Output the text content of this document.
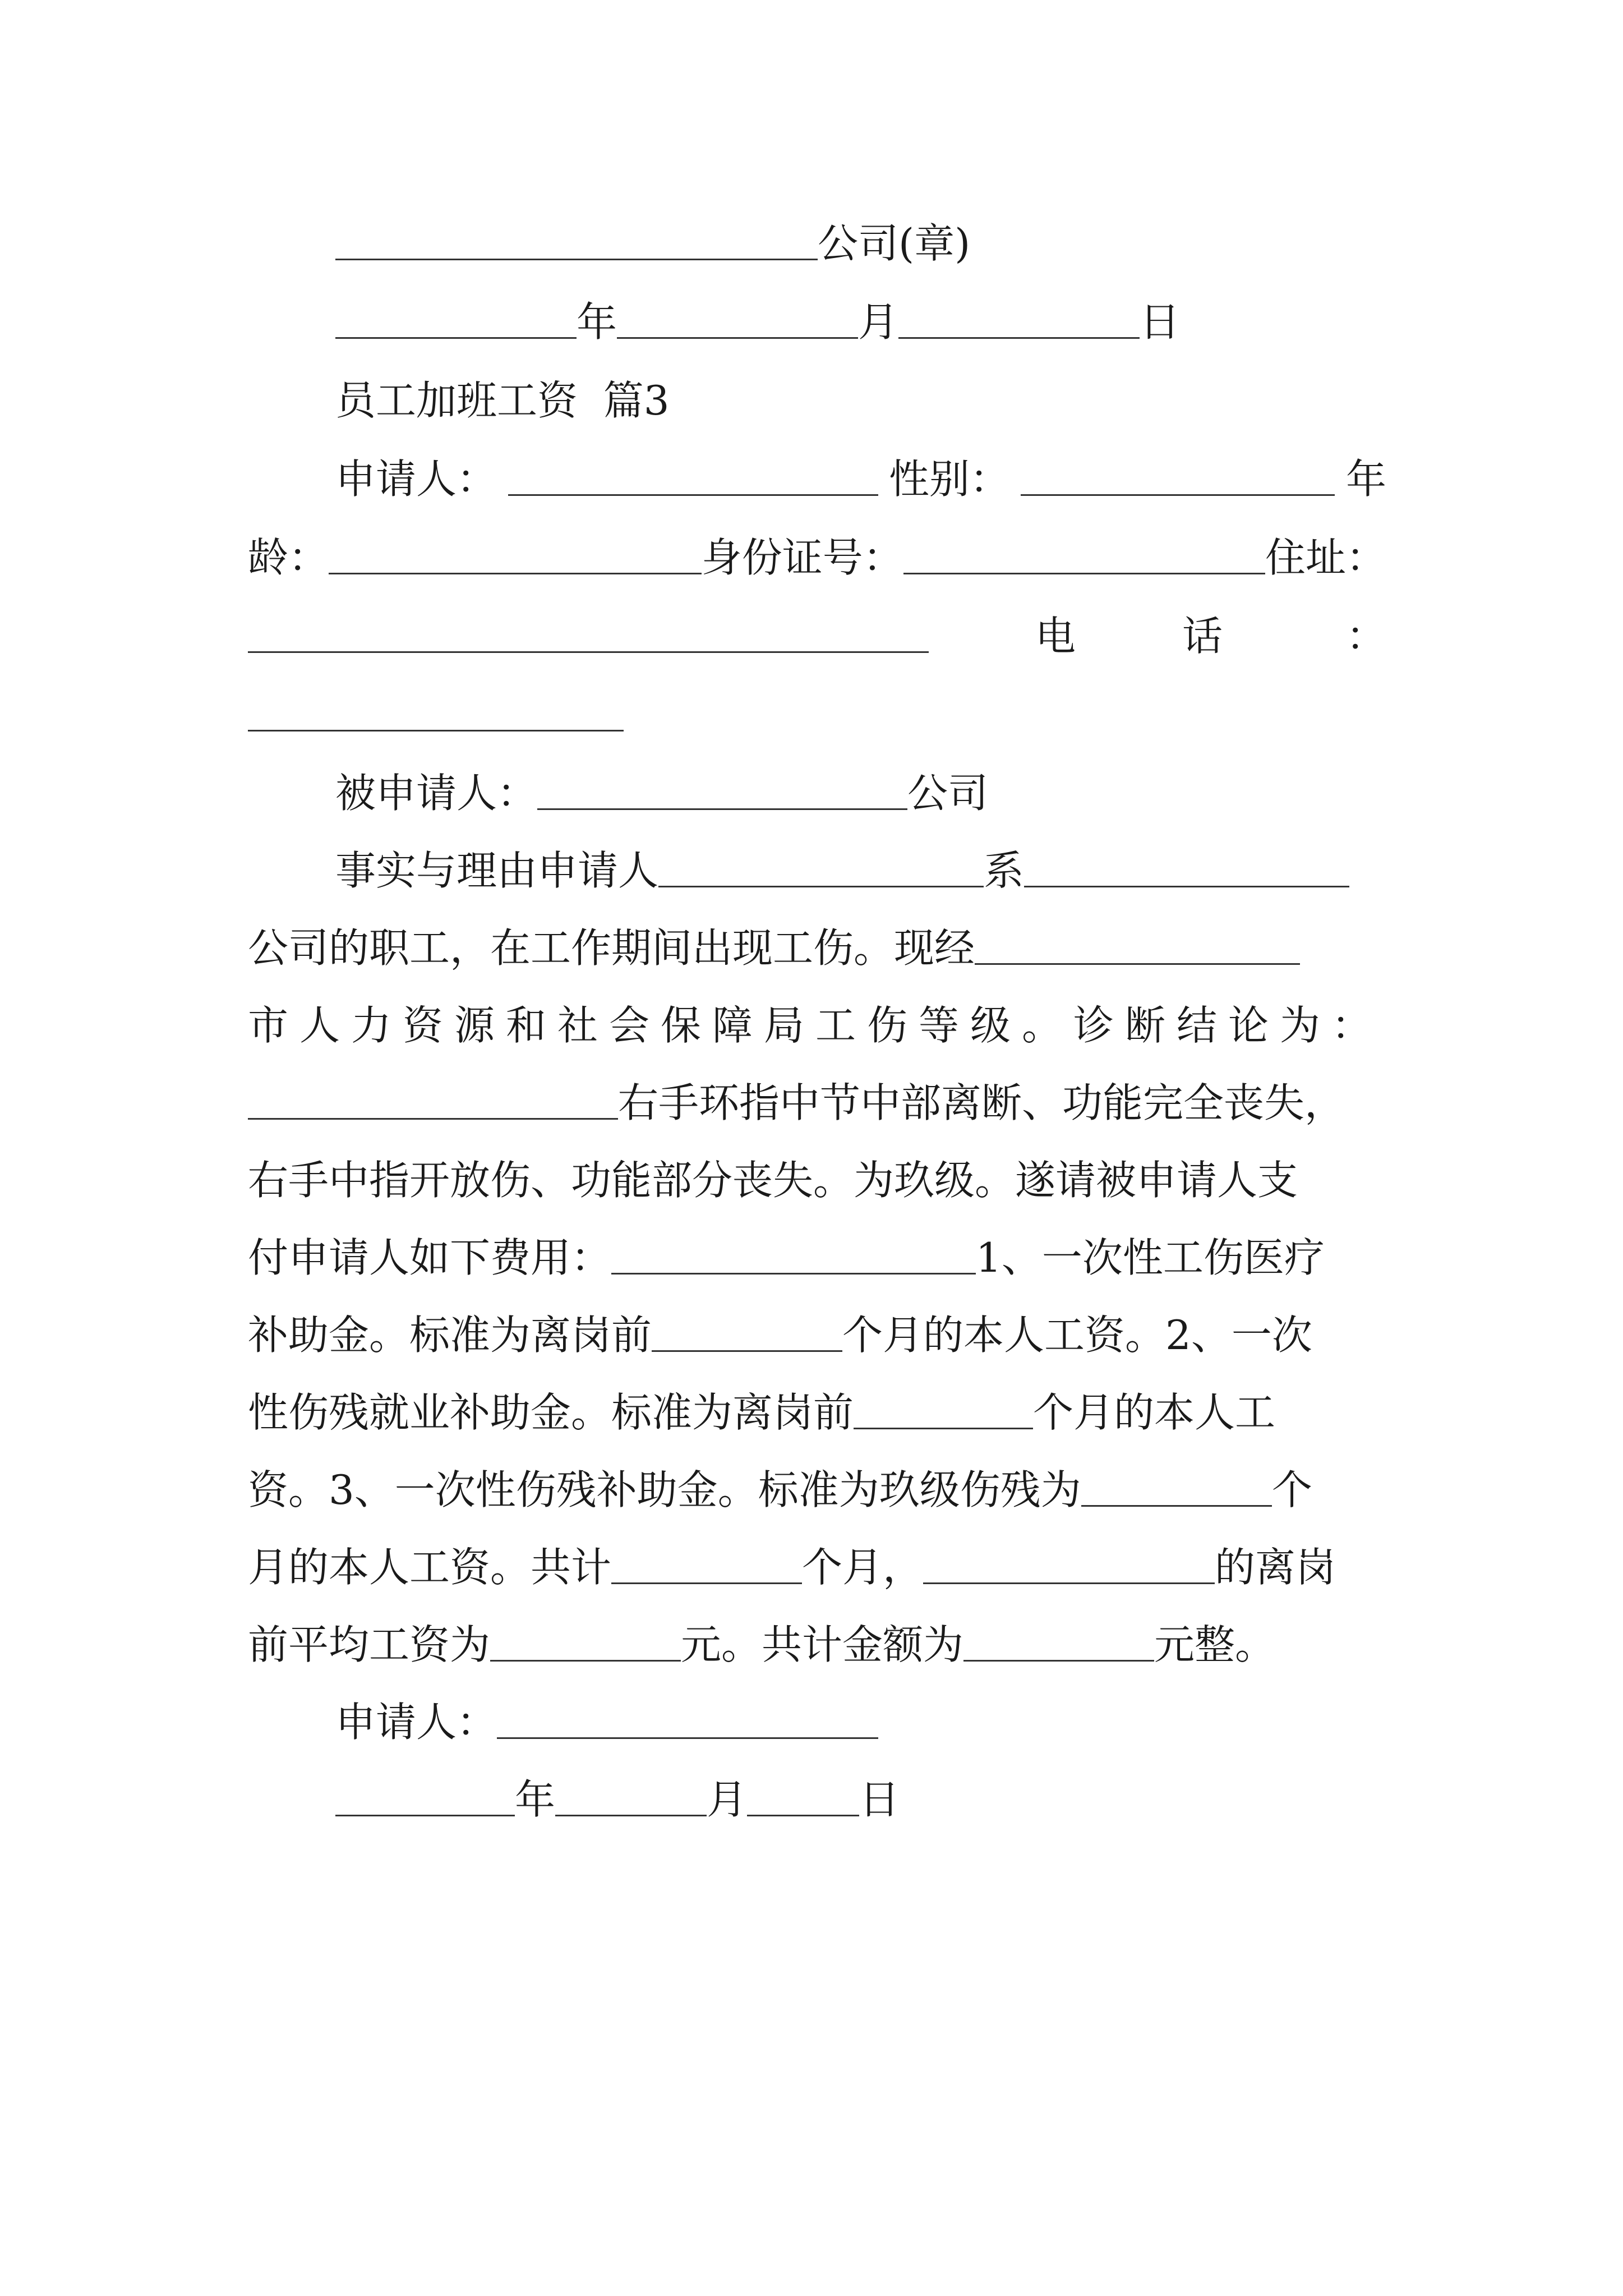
公司(章)
年	月	日
员工加班工资  篇3
申请人：	性别：	年
龄：	身份证号：	住址：
电	话	：
被申请人：	公司
事实与理由申请人	系
公司的职工，在工作期间出现工伤。现经
市人力资源和社会保障局工伤等级。诊断结论为：
右手环指中节中部离断、功能完全丧失，
右手中指开放伤、功能部分丧失。为玖级。遂请被申请人支
付申请人如下费用：	1、一次性工伤医疗
补助金。标准为离岗前	个月的本人工资。2、一次
性伤残就业补助金。标准为离岗前	个月的本人工
资。3、一次性伤残补助金。标准为玖级伤残为	个
月的本人工资。共计	个月，	的离岗
前平均工资为	元。共计金额为	元整。
申请人：
年	月	日
